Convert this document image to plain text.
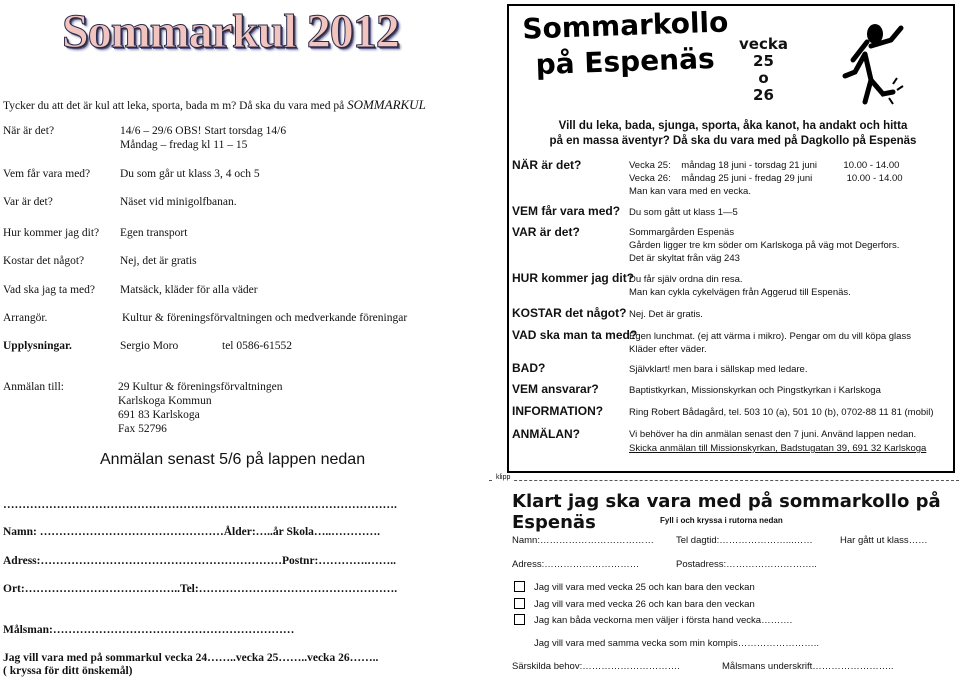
Sommarkul 2012
Tycker du att det är kul att leka, sporta, bada m m? Då ska du vara med på SOMMARKUL
När är det?	14/6 – 29/6 OBS! Start torsdag 14/6
Måndag – fredag kl 11 – 15
Vem får vara med?	Du som går ut klass 3, 4 och 5
Var är det?	Näset vid minigolfbanan.
Hur kommer jag dit? Egen transport
Kostar det något?	Nej, det är gratis
Vad ska jag ta med? Matsäck, kläder för alla väder
Arrangör.	Kultur & föreningsförvaltningen och medverkande föreningar
Upplysningar.	Sergio Moro	tel 0586-61552
Anmälan till:	29 Kultur & föreningsförvaltningen
Karlskoga Kommun
691 83 Karlskoga
Fax 52796
Anmälan senast 5/6 på lappen nedan
………………………………………………………………………………………….
Namn: …………………………………………Ålder:…..år Skola…..………….
Adress:………………………………………………………Postnr:………….……..
Ort:…………………………………..Tel:…………………………………………….
Målsman:………………………………………………………
Jag vill vara med på sommarkul vecka 24……..vecka 25……..vecka 26……..
( kryssa för ditt önskemål)
Sommarkollo
på Espenäs	vecka
25
o
26
Vill du leka, bada, sjunga, sporta, åka kanot, ha andakt och hitta
på en massa äventyr? Då ska du vara med på Dagkollo på Espenäs
NÄR är det?	Vecka 25:    måndag 18 juni - torsdag 21 juni          10.00 - 14.00
Vecka 26:    måndag 25 juni - fredag 29 juni             10.00 - 14.00
Man kan vara med en vecka.
VEM får vara med? Du som gått ut klass 1—5
VAR är det?	Sommargården Espenäs
Gården ligger tre km söder om Karlskoga på väg mot Degerfors.
Det är skyltat från väg 243
HUR kommer jag dit?
Du får själv ordna din resa.
Man kan cykla cykelvägen från Aggerud till Espenäs.
KOSTAR det något? Nej. Det är gratis.
VAD ska man ta med?
Egen lunchmat. (ej att värma i mikro). Pengar om du vill köpa glass
Kläder efter väder.
BAD?	Självklart! men bara i sällskap med ledare.
VEM ansvarar?	Baptistkyrkan, Missionskyrkan och Pingstkyrkan i Karlskoga
INFORMATION?	Ring Robert Bådagård, tel. 503 10 (a), 501 10 (b), 0702-88 11 81 (mobil)
ANMÄLAN?	Vi behöver ha din anmälan senast den 7 juni. Använd lappen nedan.
Skicka anmälan till Missionskyrkan, Badstugatan 39, 691 32 Karlskoga
klipp
Klart jag ska vara med på sommarkollo på Espenäs	Fyll i och kryssa i rutorna nedan
Namn:……………………………… Tel dagtid:…………………...……	Har gått ut klass……
Adress:…………………………	Postadress:………………………..
Jag vill vara med vecka 25 och kan bara den veckan
Jag vill vara med vecka 26 och kan bara den veckan
Jag kan båda veckorna men väljer i första hand vecka……….
Jag vill vara med samma vecka som min kompis……………………..
Särskilda behov:………………………….	Målsmans underskrift……………………..
